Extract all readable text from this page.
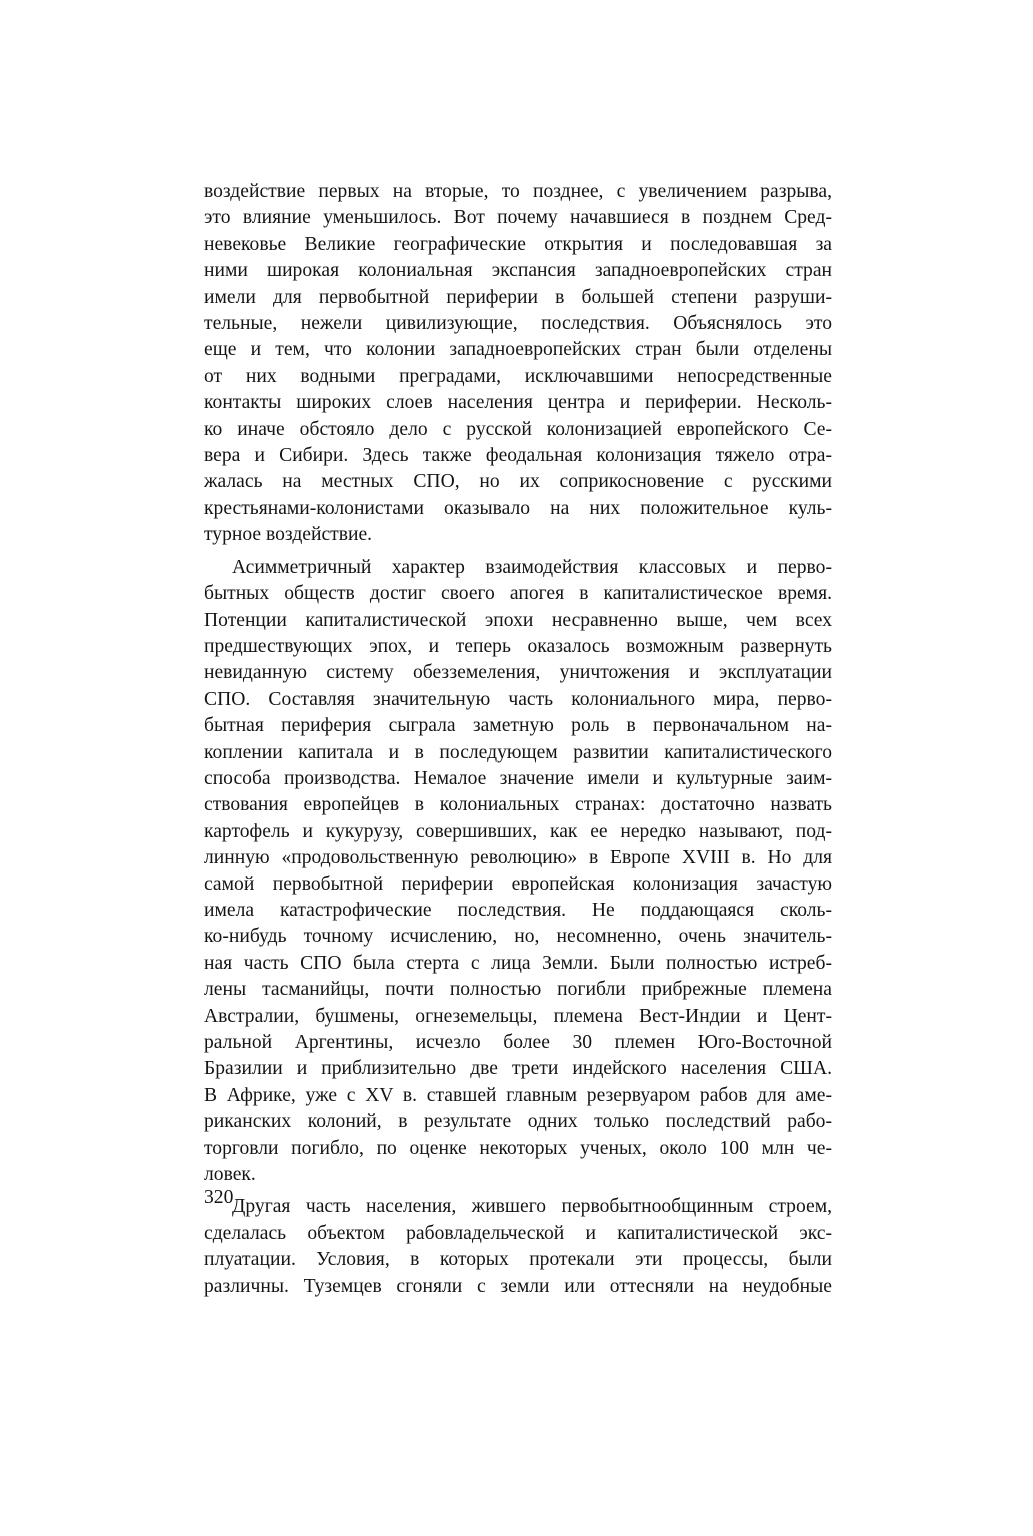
воздействие первых на вторые, то позднее, с увеличением разрыва,
это влияние уменьшилось. Вот почему начавшиеся в позднем Сред-
невековье Великие географические открытия и последовавшая за
ними широкая колониальная экспансия западноевропейских стран
имели для первобытной периферии в большей степени разруши-
тельные, нежели цивилизующие, последствия. Объяснялось это
еще и тем, что колонии западноевропейских стран были отделены
от них водными преградами, исключавшими непосредственные
контакты широких слоев населения центра и периферии. Несколь-
ко иначе обстояло дело с русской колонизацией европейского Се-
вера и Сибири. Здесь также феодальная колонизация тяжело отра-
жалась на местных СПО, но их соприкосновение с русскими
крестьянами-колонистами оказывало на них положительное куль-
турное воздействие.
Асимметричный характер взаимодействия классовых и перво-
бытных обществ достиг своего апогея в капиталистическое время.
Потенции капиталистической эпохи несравненно выше, чем всех
предшествующих эпох, и теперь оказалось возможным развернуть
невиданную систему обезземеления, уничтожения и эксплуатации
СПО. Составляя значительную часть колониального мира, перво-
бытная периферия сыграла заметную роль в первоначальном на-
коплении капитала и в последующем развитии капиталистического
способа производства. Немалое значение имели и культурные заим-
ствования европейцев в колониальных странах: достаточно назвать
картофель и кукурузу, совершивших, как ее нередко называют, под-
линную «продовольственную революцию» в Европе XVIII в. Но для
самой первобытной периферии европейская колонизация зачастую
имела катастрофические последствия. Не поддающаяся сколь-
ко-нибудь точному исчислению, но, несомненно, очень значитель-
ная часть СПО была стерта с лица Земли. Были полностью истреб-
лены тасманийцы, почти полностью погибли прибрежные племена
Австралии, бушмены, огнеземельцы, племена Вест-Индии и Цент-
ральной Аргентины, исчезло более 30 племен Юго-Восточной
Бразилии и приблизительно две трети индейского населения США.
В Африке, уже с XV в. ставшей главным резервуаром рабов для аме-
риканских колоний, в результате одних только последствий рабо-
торговли погибло, по оценке некоторых ученых, около 100 млн че-
ловек.
Другая часть населения, жившего первобытнообщинным строем,
сделалась объектом рабовладельческой и капиталистической экс-
плуатации. Условия, в которых протекали эти процессы, были
различны. Туземцев сгоняли с земли или оттесняли на неудобные
320
